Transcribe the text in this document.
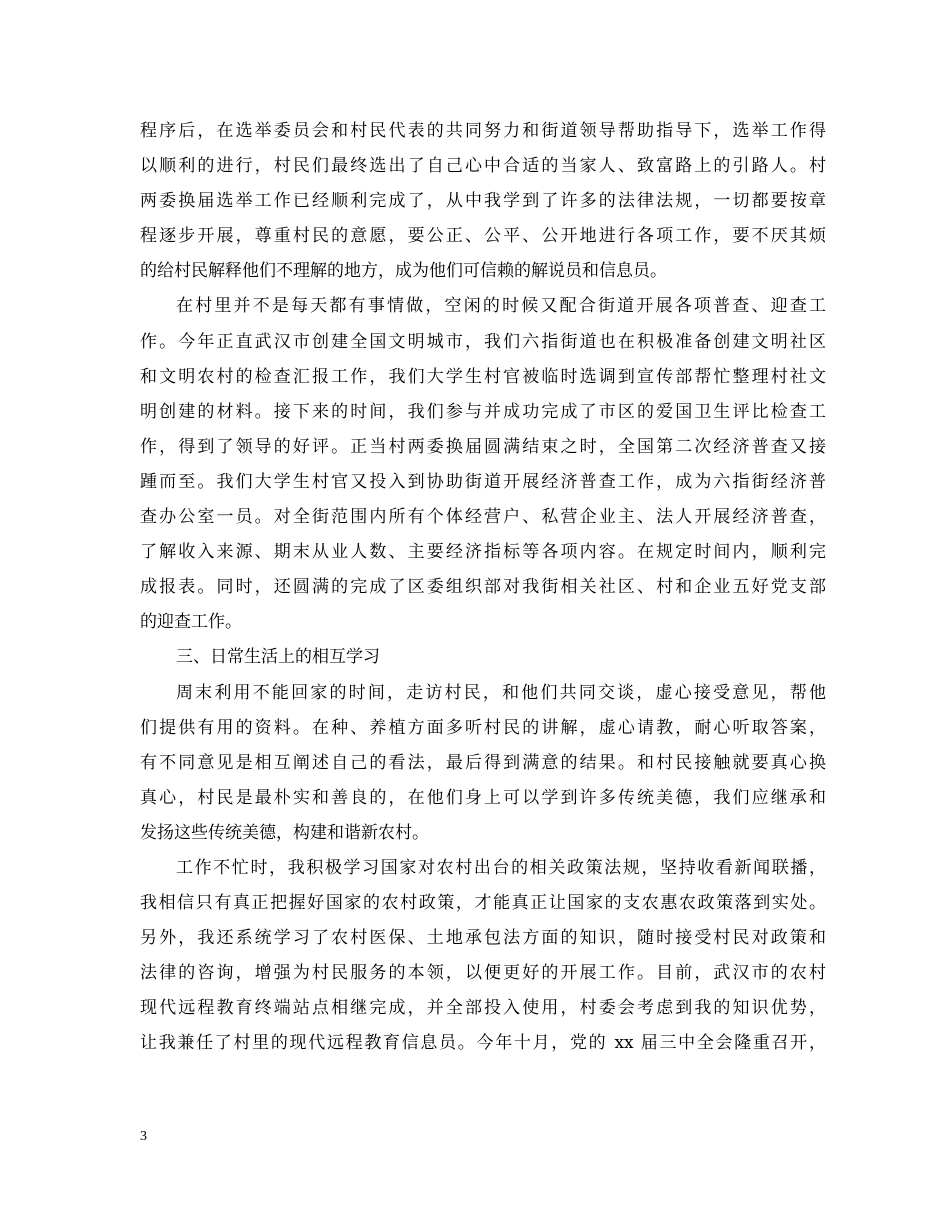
程序后，在选举委员会和村民代表的共同努力和街道领导帮助指导下，选举工作得
以顺利的进行，村民们最终选出了自己心中合适的当家人、致富路上的引路人。村
两委换届选举工作已经顺利完成了，从中我学到了许多的法律法规，一切都要按章
程逐步开展，尊重村民的意愿，要公正、公平、公开地进行各项工作，要不厌其烦
的给村民解释他们不理解的地方，成为他们可信赖的解说员和信息员。
在村里并不是每天都有事情做，空闲的时候又配合街道开展各项普查、迎查工
作。今年正直武汉市创建全国文明城市，我们六指街道也在积极准备创建文明社区
和文明农村的检查汇报工作，我们大学生村官被临时选调到宣传部帮忙整理村社文
明创建的材料。接下来的时间，我们参与并成功完成了市区的爱国卫生评比检查工
作，得到了领导的好评。正当村两委换届圆满结束之时，全国第二次经济普查又接
踵而至。我们大学生村官又投入到协助街道开展经济普查工作，成为六指街经济普
查办公室一员。对全街范围内所有个体经营户、私营企业主、法人开展经济普查，
了解收入来源、期末从业人数、主要经济指标等各项内容。在规定时间内，顺利完
成报表。同时，还圆满的完成了区委组织部对我街相关社区、村和企业五好党支部
的迎查工作。
三、日常生活上的相互学习
周末利用不能回家的时间，走访村民，和他们共同交谈，虚心接受意见，帮他
们提供有用的资料。在种、养植方面多听村民的讲解，虚心请教，耐心听取答案，
有不同意见是相互阐述自己的看法，最后得到满意的结果。和村民接触就要真心换
真心，村民是最朴实和善良的，在他们身上可以学到许多传统美德，我们应继承和
发扬这些传统美德，构建和谐新农村。
工作不忙时，我积极学习国家对农村出台的相关政策法规，坚持收看新闻联播，
我相信只有真正把握好国家的农村政策，才能真正让国家的支农惠农政策落到实处。
另外，我还系统学习了农村医保、土地承包法方面的知识，随时接受村民对政策和
法律的咨询，增强为村民服务的本领，以便更好的开展工作。目前，武汉市的农村
现代远程教育终端站点相继完成，并全部投入使用，村委会考虑到我的知识优势，
让我兼任了村里的现代远程教育信息员。今年十月，党的 xx 届三中全会隆重召开，
3
